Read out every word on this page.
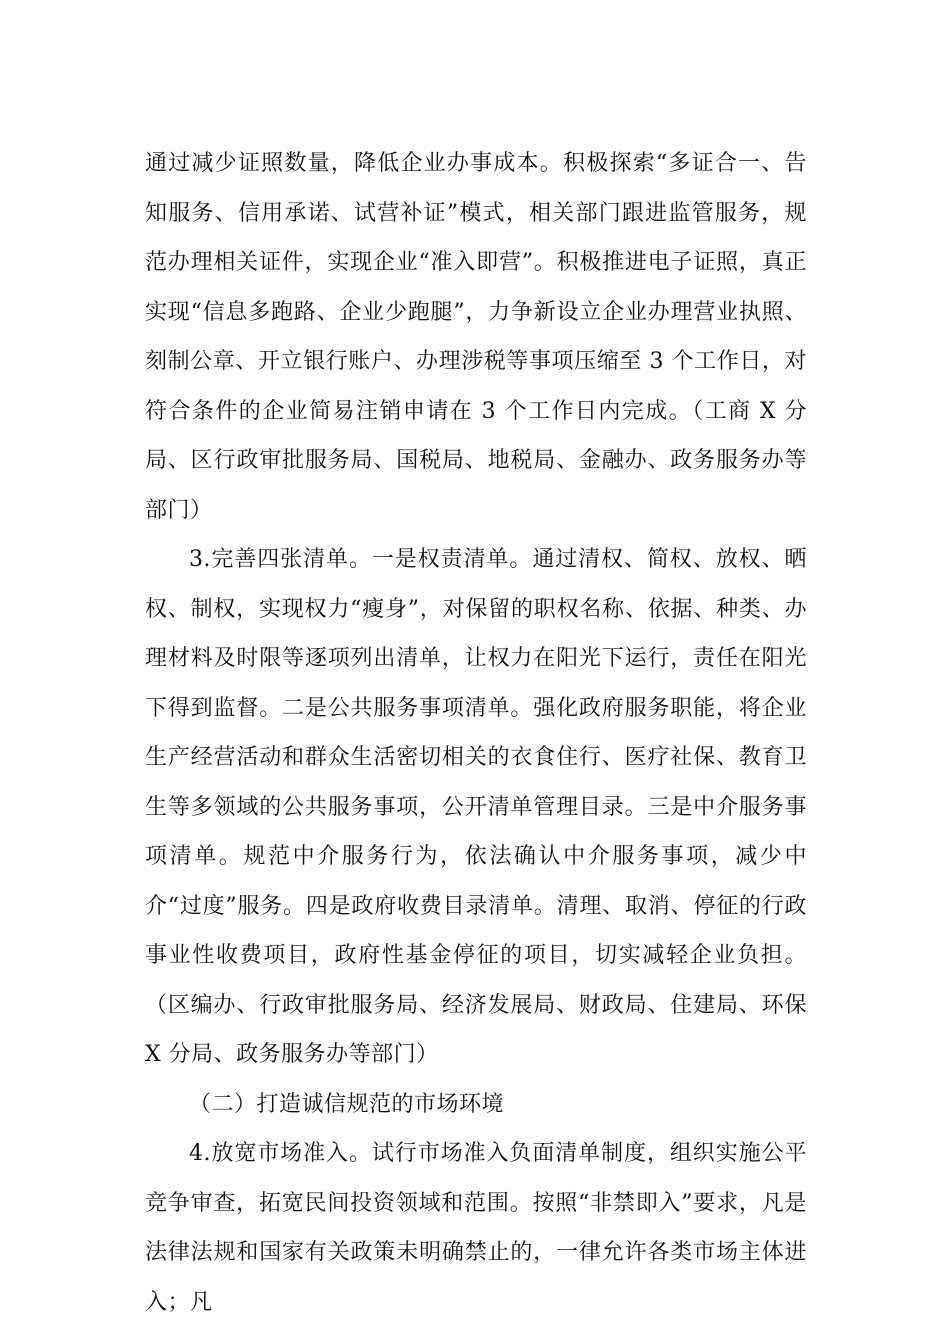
通过减少证照数量，降低企业办事成本。积极探索“多证合一、告知服务、信用承诺、试营补证”模式，相关部门跟进监管服务，规范办理相关证件，实现企业“准入即营”。积极推进电子证照，真正实现“信息多跑路、企业少跑腿”，力争新设立企业办理营业执照、刻制公章、开立银行账户、办理涉税等事项压缩至 3 个工作日，对符合条件的企业简易注销申请在 3 个工作日内完成。（工商 X 分局、区行政审批服务局、国税局、地税局、金融办、政务服务办等部门）

3.完善四张清单。一是权责清单。通过清权、简权、放权、晒权、制权，实现权力“瘦身”，对保留的职权名称、依据、种类、办理材料及时限等逐项列出清单，让权力在阳光下运行，责任在阳光下得到监督。二是公共服务事项清单。强化政府服务职能，将企业生产经营活动和群众生活密切相关的衣食住行、医疗社保、教育卫生等多领域的公共服务事项，公开清单管理目录。三是中介服务事项清单。规范中介服务行为，依法确认中介服务事项，减少中介“过度”服务。四是政府收费目录清单。清理、取消、停征的行政事业性收费项目，政府性基金停征的项目，切实减轻企业负担。（区编办、行政审批服务局、经济发展局、财政局、住建局、环保 X 分局、政务服务办等部门）

（二）打造诚信规范的市场环境

4.放宽市场准入。试行市场准入负面清单制度，组织实施公平竞争审查，拓宽民间投资领域和范围。按照“非禁即入”要求，凡是法律法规和国家有关政策未明确禁止的，一律允许各类市场主体进入；凡
